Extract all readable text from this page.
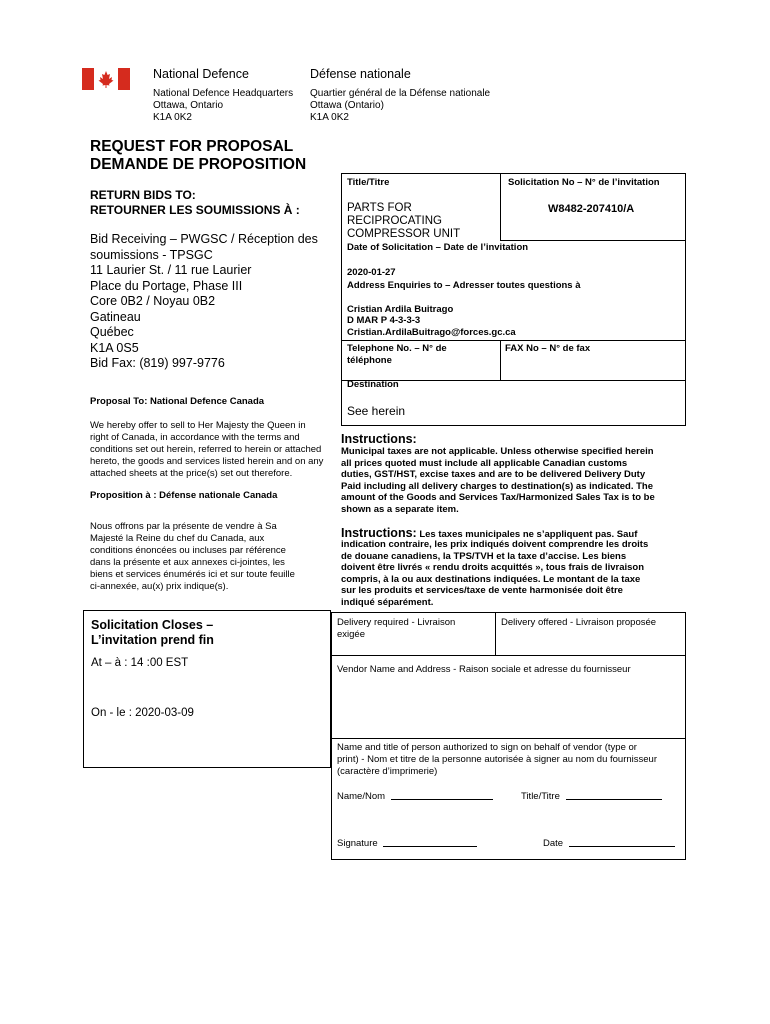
National Defence	Défense nationale
National Defence Headquarters
Ottawa, Ontario
K1A 0K2
Quartier général de la Défense nationale
Ottawa (Ontario)
K1A 0K2
REQUEST FOR PROPOSAL
DEMANDE DE PROPOSITION
RETURN BIDS TO:
RETOURNER LES SOUMISSIONS À :
Bid Receiving – PWGSC / Réception des
soumissions - TPSGC
11 Laurier St. / 11 rue Laurier
Place du Portage, Phase III
Core 0B2 / Noyau 0B2
Gatineau
Québec
K1A 0S5
Bid Fax: (819) 997-9776
Proposal To: National Defence Canada
We hereby offer to sell to Her Majesty the Queen in
right of Canada, in accordance with the terms and
conditions set out herein, referred to herein or attached
hereto, the goods and services listed herein and on any
attached sheets at the price(s) set out therefore.
Proposition à : Défense nationale Canada
Nous offrons par la présente de vendre à Sa
Majesté la Reine du chef du Canada, aux
conditions énoncées ou incluses par référence
dans la présente et aux annexes ci-jointes, les
biens et services énumérés ici et sur toute feuille
ci-annexée, au(x) prix indique(s).
Solicitation Closes –
L’invitation prend fin
At – à : 14 :00 EST
On - le : 2020-03-09
Title/Titre
PARTS FOR
RECIPROCATING
COMPRESSOR UNIT
Solicitation No – N° de l’invitation
W8482-207410/A
Date of Solicitation – Date de l’invitation
2020-01-27
Address Enquiries to – Adresser toutes questions à
Cristian Ardila Buitrago
D MAR P 4-3-3-3
Cristian.ArdilaBuitrago@forces.gc.ca
Telephone No. – N° de
téléphone
FAX No – N° de fax
Destination
See herein
Instructions:
Municipal taxes are not applicable. Unless otherwise specified herein
all prices quoted must include all applicable Canadian customs
duties, GST/HST, excise taxes and are to be delivered Delivery Duty
Paid including all delivery charges to destination(s) as indicated. The
amount of the Goods and Services Tax/Harmonized Sales Tax is to be
shown as a separate item.
Instructions: Les taxes municipales ne s’appliquent pas. Sauf
indication contraire, les prix indiqués doivent comprendre les droits
de douane canadiens, la TPS/TVH et la taxe d’accise. Les biens
doivent être livrés « rendu droits acquittés », tous frais de livraison
compris, à la ou aux destinations indiquées. Le montant de la taxe
sur les produits et services/taxe de vente harmonisée doit être
indiqué séparément.
Delivery required - Livraison
exigée
Delivery offered - Livraison proposée
Vendor Name and Address - Raison sociale et adresse du fournisseur
Name and title of person authorized to sign on behalf of vendor (type or
print) - Nom et titre de la personne autorisée à signer au nom du fournisseur
(caractère d’imprimerie)
Name/Nom	Title/Titre
Signature	Date
